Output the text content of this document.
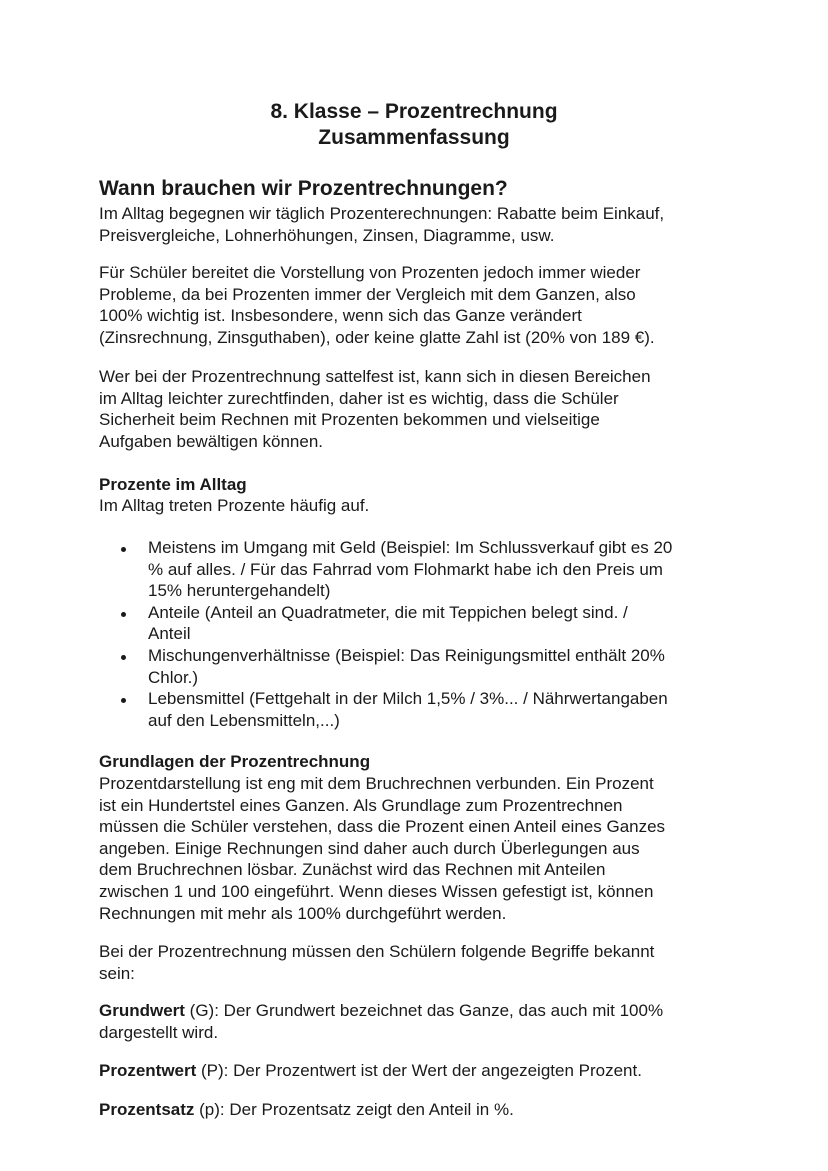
8. Klasse – Prozentrechnung
Zusammenfassung
Wann brauchen wir Prozentrechnungen?

Im Alltag begegnen wir täglich Prozenterechnungen: Rabatte beim Einkauf,
Preisvergleiche, Lohnerhöhungen, Zinsen, Diagramme, usw.

Für Schüler bereitet die Vorstellung von Prozenten jedoch immer wieder
Probleme, da bei Prozenten immer der Vergleich mit dem Ganzen, also
100% wichtig ist. Insbesondere, wenn sich das Ganze verändert
(Zinsrechnung, Zinsguthaben), oder keine glatte Zahl ist (20% von 189 €).

Wer bei der Prozentrechnung sattelfest ist, kann sich in diesen Bereichen
im Alltag leichter zurechtfinden, daher ist es wichtig, dass die Schüler
Sicherheit beim Rechnen mit Prozenten bekommen und vielseitige
Aufgaben bewältigen können.

Prozente im Alltag

Im Alltag treten Prozente häufig auf.

Meistens im Umgang mit Geld (Beispiel: Im Schlussverkauf gibt es 20
% auf alles. / Für das Fahrrad vom Flohmarkt habe ich den Preis um
15% heruntergehandelt)
Anteile (Anteil an Quadratmeter, die mit Teppichen belegt sind. /
Anteil
Mischungenverhältnisse (Beispiel: Das Reinigungsmittel enthält 20%
Chlor.)
Lebensmittel (Fettgehalt in der Milch 1,5% / 3%... / Nährwertangaben
auf den Lebensmitteln,...)
Grundlagen der Prozentrechnung

Prozentdarstellung ist eng mit dem Bruchrechnen verbunden. Ein Prozent
ist ein Hundertstel eines Ganzen. Als Grundlage zum Prozentrechnen
müssen die Schüler verstehen, dass die Prozent einen Anteil eines Ganzes
angeben. Einige Rechnungen sind daher auch durch Überlegungen aus
dem Bruchrechnen lösbar. Zunächst wird das Rechnen mit Anteilen
zwischen 1 und 100 eingeführt. Wenn dieses Wissen gefestigt ist, können
Rechnungen mit mehr als 100% durchgeführt werden.

Bei der Prozentrechnung müssen den Schülern folgende Begriffe bekannt
sein:

Grundwert (G): Der Grundwert bezeichnet das Ganze, das auch mit 100%
dargestellt wird.

Prozentwert (P): Der Prozentwert ist der Wert der angezeigten Prozent.

Prozentsatz (p): Der Prozentsatz zeigt den Anteil in %.
